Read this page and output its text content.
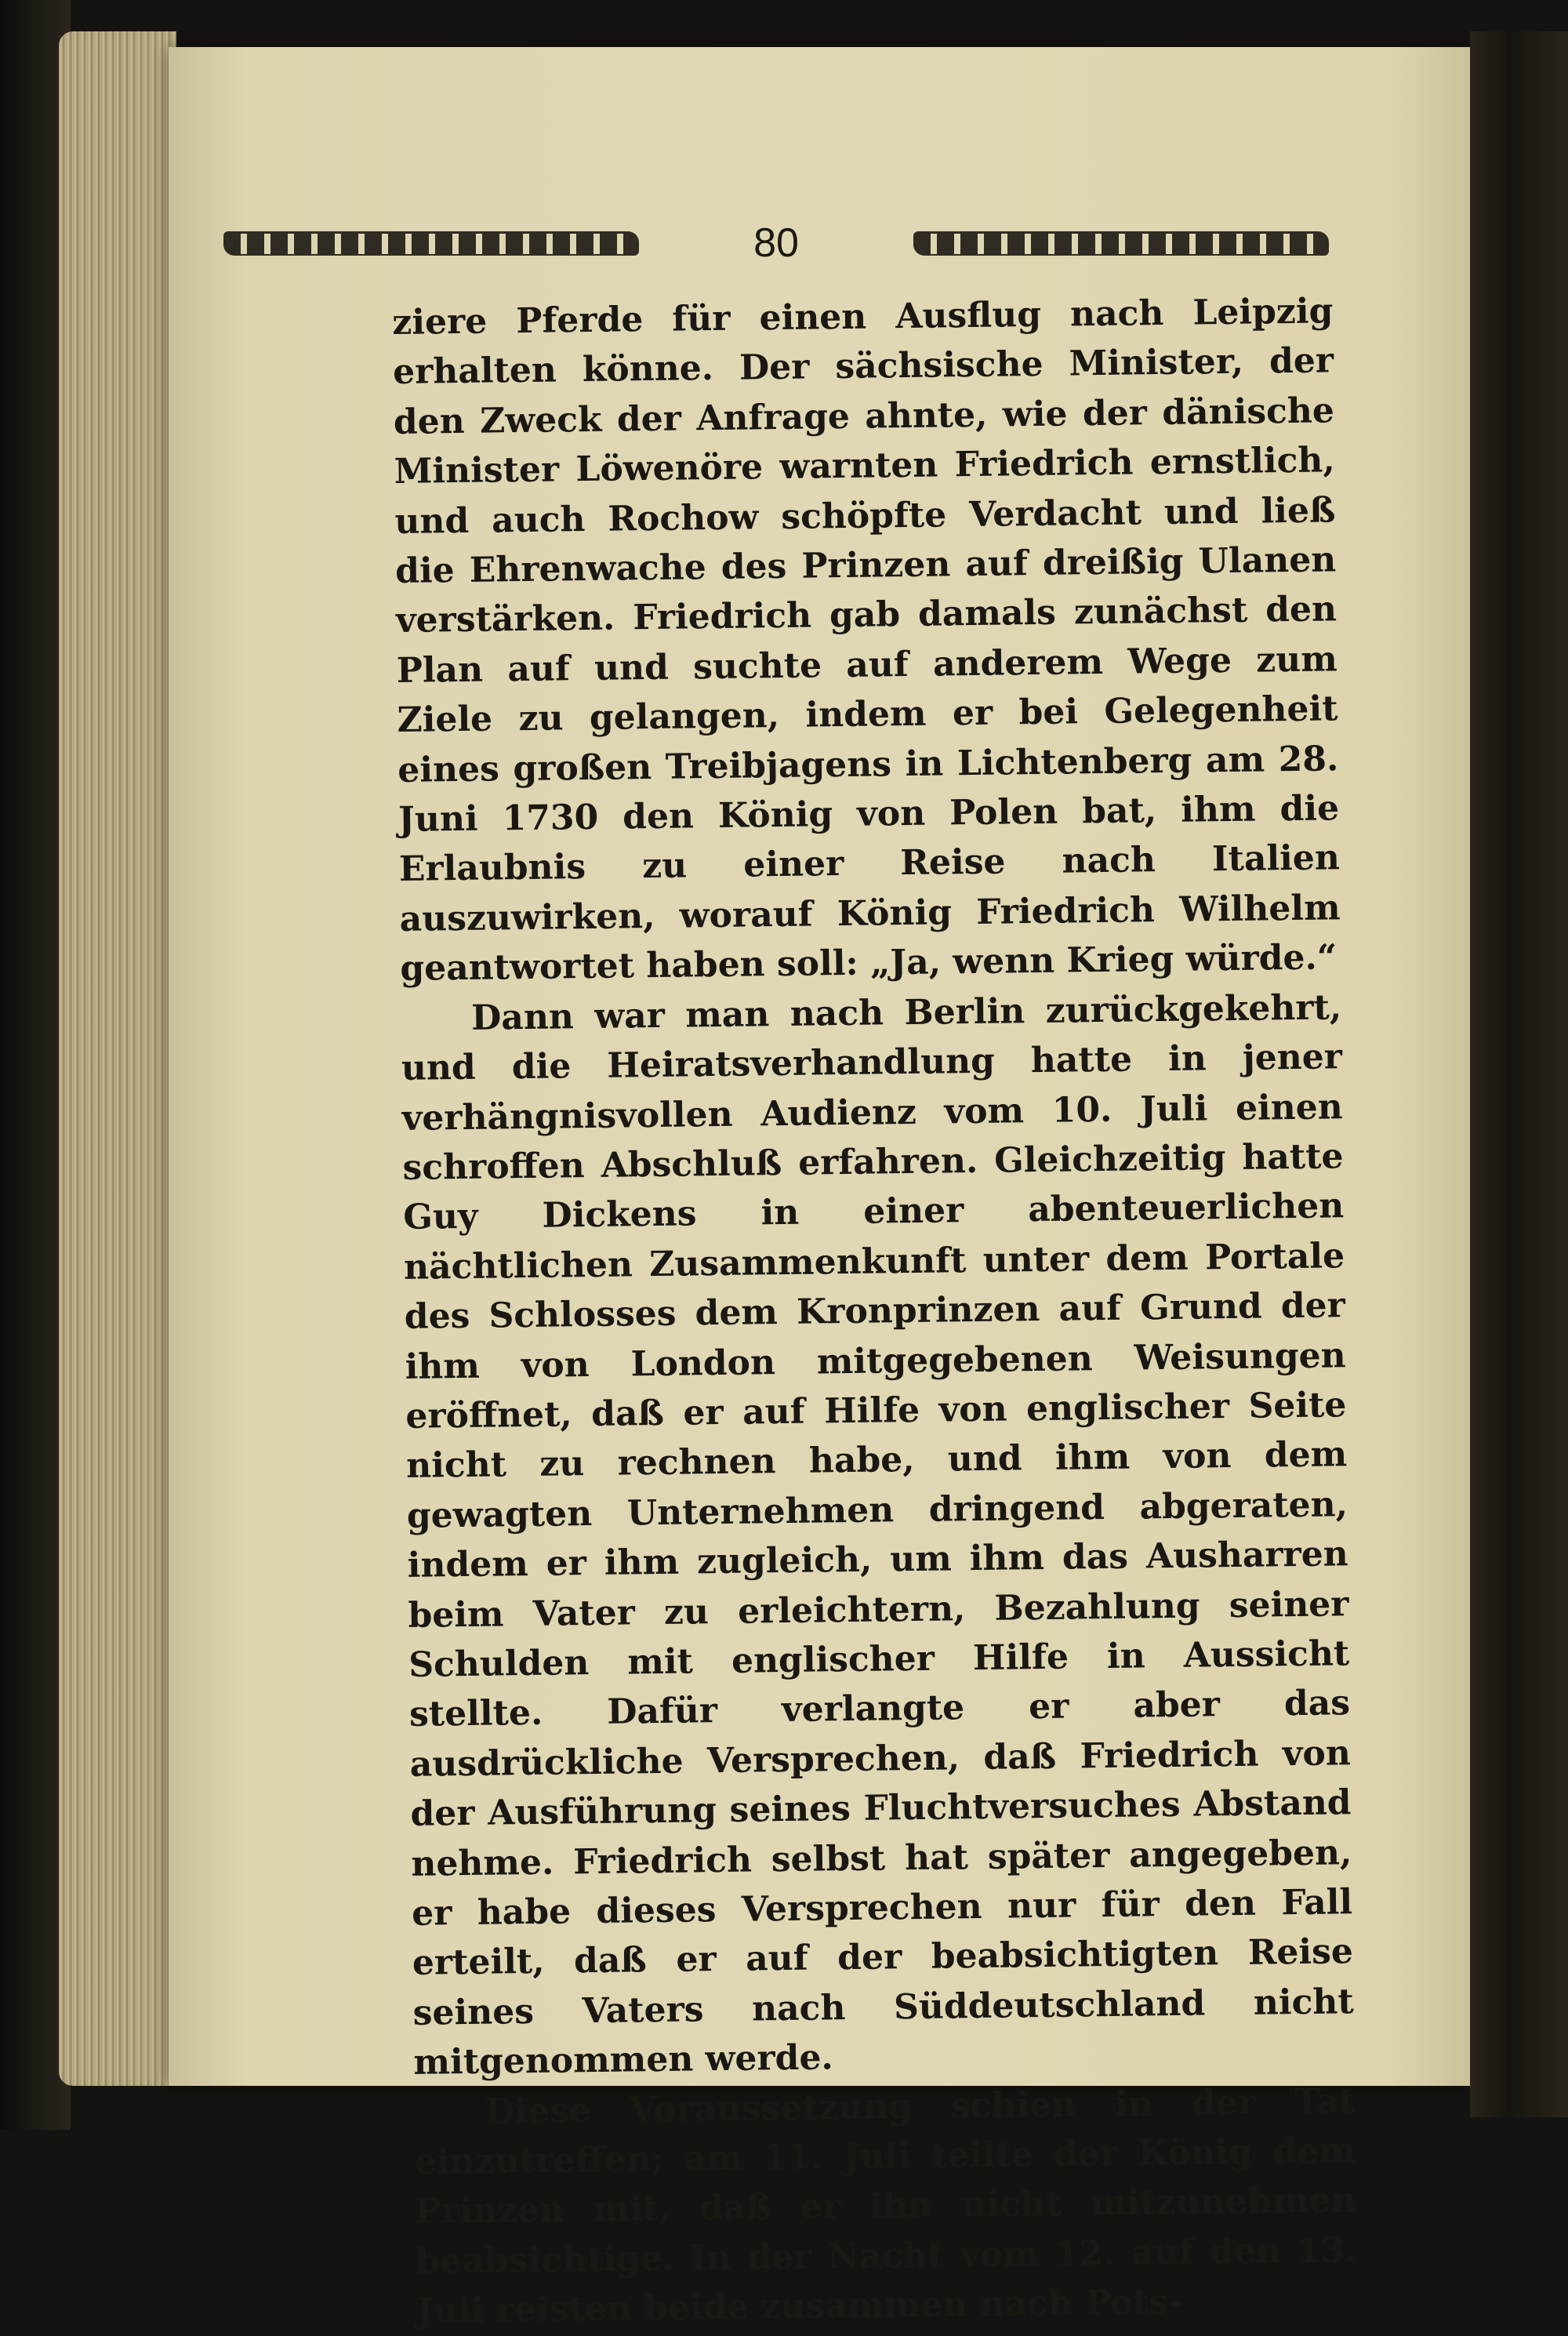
80

ziere Pferde für einen Ausflug nach Leipzig erhalten könne. Der sächsische Minister, der den Zweck der Anfrage ahnte, wie der dänische Minister Löwenöre warnten Friedrich ernstlich, und auch Rochow schöpfte Verdacht und ließ die Ehrenwache des Prinzen auf dreißig Ulanen verstärken. Friedrich gab damals zunächst den Plan auf und suchte auf anderem Wege zum Ziele zu gelangen, indem er bei Gelegenheit eines großen Treibjagens in Lichtenberg am 28. Juni 1730 den König von Polen bat, ihm die Erlaubnis zu einer Reise nach Italien auszuwirken, worauf König Friedrich Wilhelm geantwortet haben soll: „Ja, wenn Krieg würde.“

Dann war man nach Berlin zurückgekehrt, und die Heiratsverhandlung hatte in jener verhängnisvollen Audienz vom 10. Juli einen schroffen Abschluß erfahren. Gleichzeitig hatte Guy Dickens in einer abenteuerlichen nächtlichen Zusammenkunft unter dem Portale des Schlosses dem Kronprinzen auf Grund der ihm von London mitgegebenen Weisungen eröffnet, daß er auf Hilfe von englischer Seite nicht zu rechnen habe, und ihm von dem gewagten Unternehmen dringend abgeraten, indem er ihm zugleich, um ihm das Ausharren beim Vater zu erleichtern, Bezahlung seiner Schulden mit englischer Hilfe in Aussicht stellte. Dafür verlangte er aber das ausdrückliche Versprechen, daß Friedrich von der Ausführung seines Fluchtversuches Abstand nehme. Friedrich selbst hat später angegeben, er habe dieses Versprechen nur für den Fall erteilt, daß er auf der beabsichtigten Reise seines Vaters nach Süddeutschland nicht mitgenommen werde.

Diese Voraussetzung schien in der Tat einzutreffen; am 11. Juli teilte der König dem Prinzen mit, daß er ihn nicht mitzunehmen beabsichtige. In der Nacht vom 12. auf den 13. Juli reisten beide zusammen nach Pots-
